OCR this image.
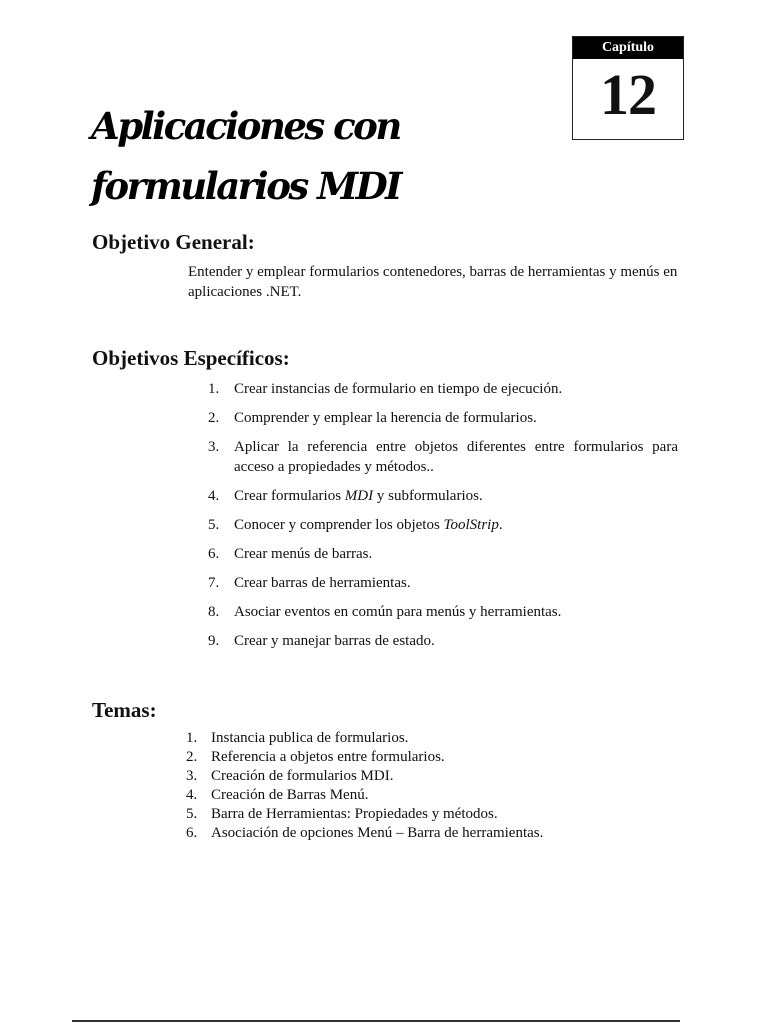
Capítulo
12
Aplicaciones con
formularios MDI
Objetivo General:

Entender y emplear formularios contenedores, barras de herramientas y menús en aplicaciones .NET.

Objetivos Específicos:
1. Crear instancias de formulario en tiempo de ejecución.
2. Comprender y emplear la herencia de formularios.
3. Aplicar la referencia entre objetos diferentes entre formularios para acceso a propiedades y métodos..
4. Crear formularios MDI y subformularios.
5. Conocer y comprender los objetos ToolStrip.
6. Crear menús de barras.
7. Crear barras de herramientas.
8. Asociar eventos en común para menús y herramientas.
9. Crear y manejar barras de estado.
Temas:
1. Instancia publica de formularios.
2. Referencia a objetos entre formularios.
3. Creación de formularios MDI.
4. Creación de Barras Menú.
5. Barra de Herramientas: Propiedades y métodos.
6. Asociación de opciones Menú – Barra de herramientas.
